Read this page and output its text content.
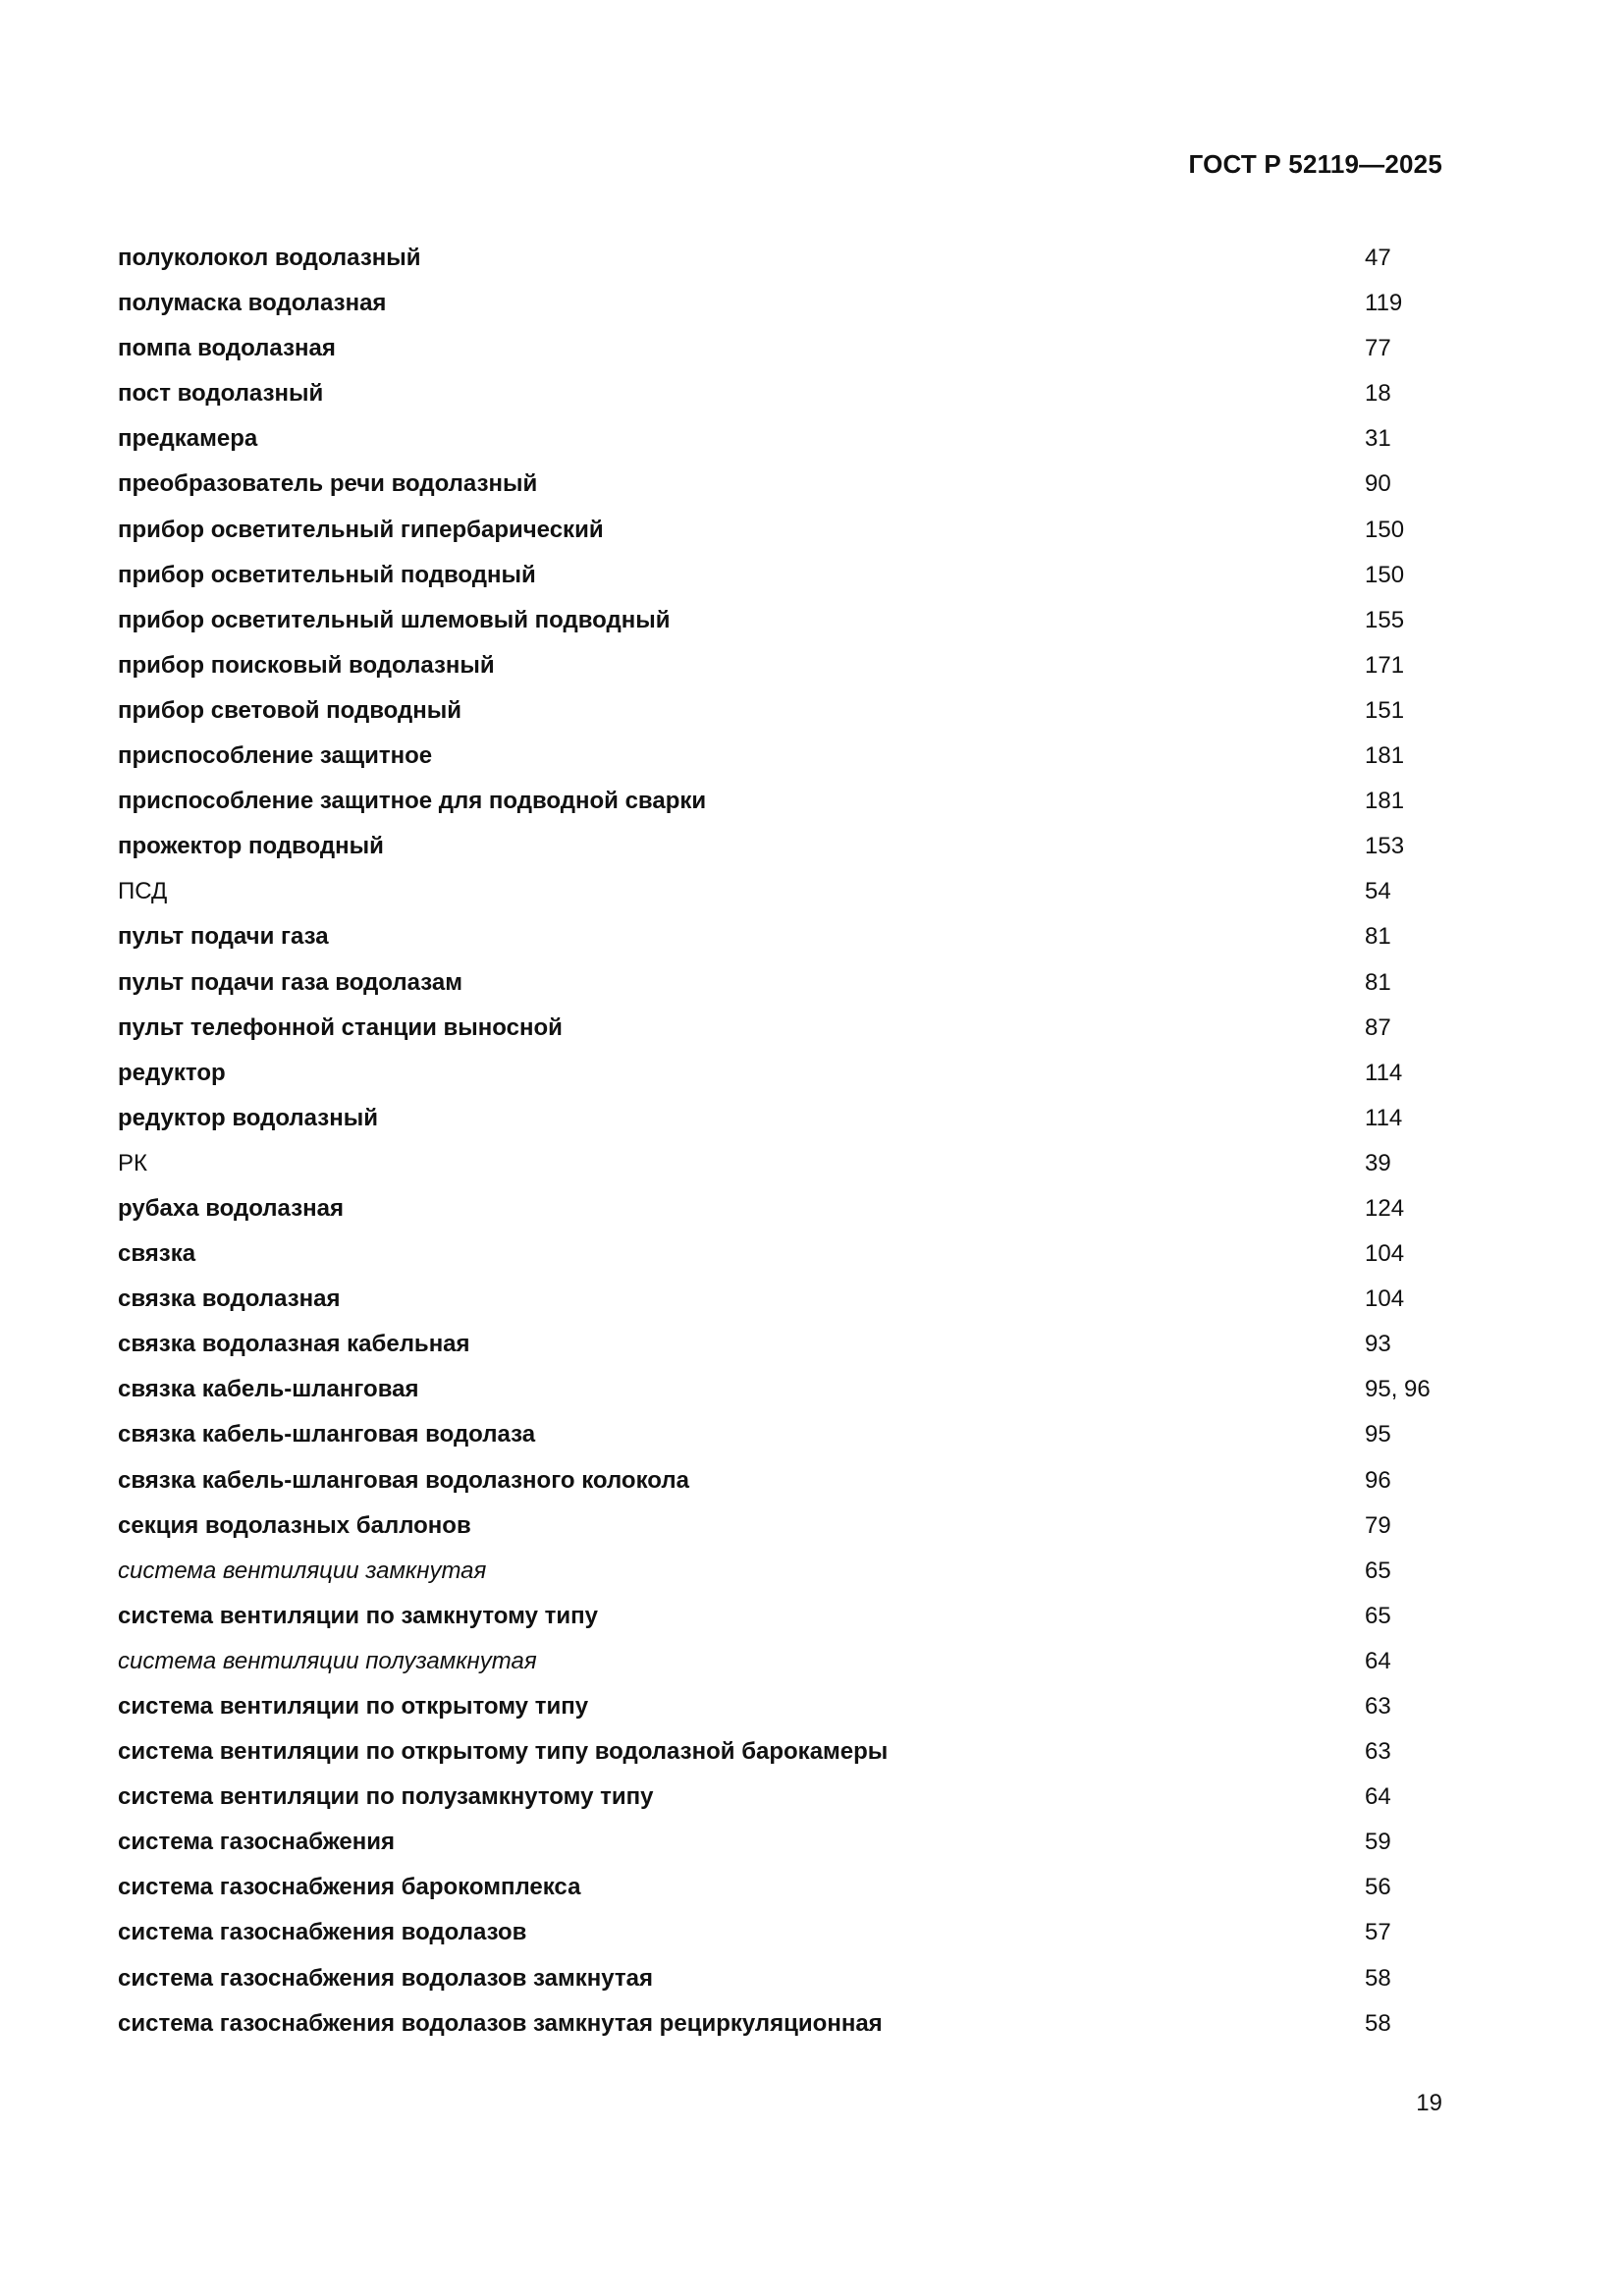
ГОСТ Р 52119—2025
полуколокол водолазный	47
полумаска водолазная	119
помпа водолазная	77
пост водолазный	18
предкамера	31
преобразователь речи водолазный	90
прибор осветительный гипербарический	150
прибор осветительный подводный	150
прибор осветительный шлемовый подводный	155
прибор поисковый водолазный	171
прибор световой подводный	151
приспособление защитное	181
приспособление защитное для подводной сварки	181
прожектор подводный	153
ПСД	54
пульт подачи газа	81
пульт подачи газа водолазам	81
пульт телефонной станции выносной	87
редуктор	114
редуктор водолазный	114
РК	39
рубаха водолазная	124
связка	104
связка водолазная	104
связка водолазная кабельная	93
связка кабель-шланговая	95, 96
связка кабель-шланговая водолаза	95
связка кабель-шланговая водолазного колокола	96
секция водолазных баллонов	79
система вентиляции замкнутая	65
система вентиляции по замкнутому типу	65
система вентиляции полузамкнутая	64
система вентиляции по открытому типу	63
система вентиляции по открытому типу водолазной барокамеры	63
система вентиляции по полузамкнутому типу	64
система газоснабжения	59
система газоснабжения барокомплекса	56
система газоснабжения водолазов	57
система газоснабжения водолазов замкнутая	58
система газоснабжения водолазов замкнутая рециркуляционная	58
19
